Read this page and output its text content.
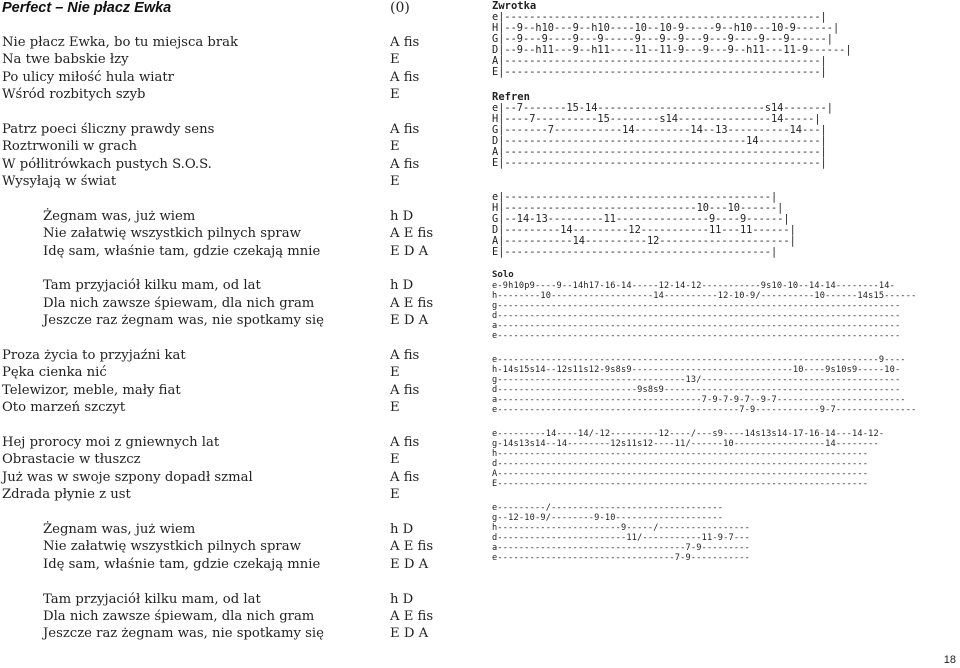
Perfect – Nie płacz Ewka	(0)
Nie płacz Ewka, bo tu miejsca brak	A fis
Na twe babskie łzy	E
Po ulicy miłość hula wiatr	A fis
Wśród rozbitych szyb	E
Patrz poeci śliczny prawdy sens	A fis
Roztrwonili w grach	E
W półlitrówkach pustych S.O.S.	A fis
Wysyłają w świat	E
Żegnam was, już wiem	h D
Nie załatwię wszystkich pilnych spraw	A E fis
Idę sam, właśnie tam, gdzie czekają mnie	E D A
Tam przyjaciół kilku mam, od lat	h D
Dla nich zawsze śpiewam, dla nich gram	A E fis
Jeszcze raz żegnam was, nie spotkamy się	E D A
Proza życia to przyjaźni kat	A fis
Pęka cienka nić	E
Telewizor, meble, mały fiat	A fis
Oto marzeń szczyt	E
Hej prorocy moi z gniewnych lat	A fis
Obrastacie w tłuszcz	E
Już was w swoje szpony dopadł szmal	A fis
Zdrada płynie z ust	E
Żegnam was, już wiem	h D
Nie załatwię wszystkich pilnych spraw	A E fis
Idę sam, właśnie tam, gdzie czekają mnie	E D A
Tam przyjaciół kilku mam, od lat	h D
Dla nich zawsze śpiewam, dla nich gram	A E fis
Jeszcze raz żegnam was, nie spotkamy się	E D A
Zwrotka
e|---------------------------------------------------|
H|--9--h10---9--h10----10--10-9-----9--h10---10-9------|
G|--9---9----9---9-----9---9--9---9---9----9---9------|
D|--9--h11---9--h11----11--11-9---9---9--h11---11-9------|
A|---------------------------------------------------|
E|---------------------------------------------------|
Refren
e|--7-------15-14---------------------------s14-------|
H|----7----------15--------s14---------------14-----|
G|-------7-----------14---------14--13----------14---|
D|---------------------------------------14----------|
A|---------------------------------------------------|
E|---------------------------------------------------|
e|-------------------------------------------|
H|-------------------------------10---10------|
G|--14-13---------11---------------9----9------|
D|---------14---------12-----------11---11------|
A|-----------14----------12---------------------|
E|-------------------------------------------|
Solo
e-9h10p9----9--14h17-16-14-----12-14-12-----------9s10-10--14-14--------14-
h--------10-------------------14----------12-10-9/----------10------14s15------
g---------------------------------------------------------------------------
d---------------------------------------------------------------------------
a---------------------------------------------------------------------------
e---------------------------------------------------------------------------
e-----------------------------------------------------------------------9----
h-14s15s14--12s11s12-9s8s9------------------------------10----9s10s9-----10-
g-----------------------------------13/-------------------------------------
d--------------------------9s8s9--------------------------------------------
a--------------------------------------7-9-7-9-7--9-7------------------------
e---------------------------------------------7-9------------9-7---------------
e---------14----14/-12---------12----/---s9----14s13s14-17-16-14---14-12-
g-14s13s14--14--------12s11s12----11/------10-----------------14--------
h---------------------------------------------------------------------
d---------------------------------------------------------------------
A---------------------------------------------------------------------
E---------------------------------------------------------------------
e---------/--------------------------------
g--12-10-9/--------9-10--------------------
h-----------------------9-----/-----------------
d------------------------11/-----------11-9-7---
a-----------------------------------7-9---------
e---------------------------------7-9-----------
18
